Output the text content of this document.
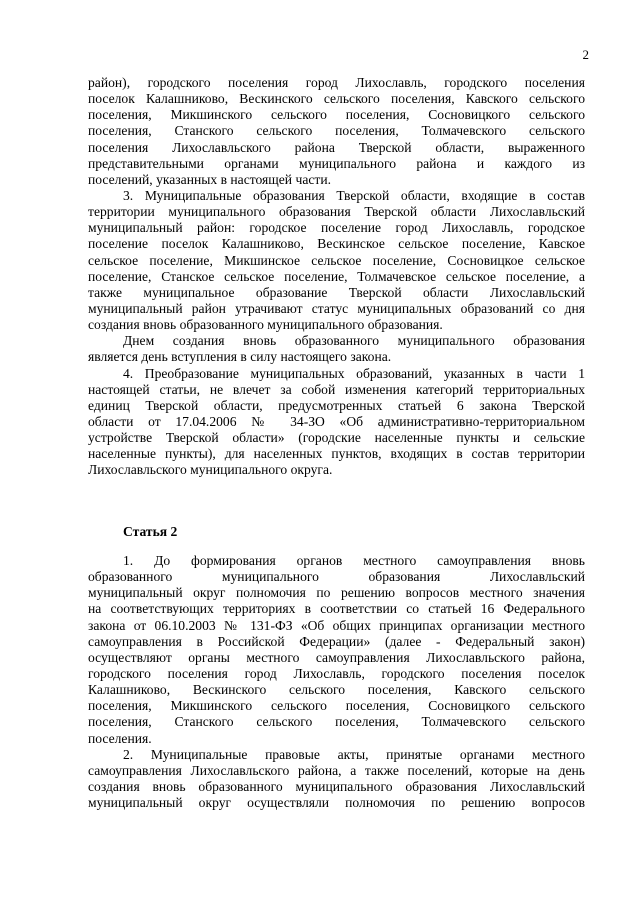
2
район), городского поселения город Лихославль, городского поселения
поселок Калашниково, Вескинского сельского поселения, Кавского сельского
поселения, Микшинского сельского поселения, Сосновицкого сельского
поселения, Станского сельского поселения, Толмачевского сельского
поселения Лихославльского района Тверской области, выраженного
представительными органами муниципального района и каждого из
поселений, указанных в настоящей части.
3. Муниципальные образования Тверской области, входящие в состав
территории муниципального образования Тверской области Лихославльский
муниципальный район: городское поселение город Лихославль, городское
поселение поселок Калашниково, Вескинское сельское поселение, Кавское
сельское поселение, Микшинское сельское поселение, Сосновицкое сельское
поселение, Станское сельское поселение, Толмачевское сельское поселение, а
также муниципальное образование Тверской области Лихославльский
муниципальный район утрачивают статус муниципальных образований со дня
создания вновь образованного муниципального образования.
Днем создания вновь образованного муниципального образования
является день вступления в силу настоящего закона.
4. Преобразование муниципальных образований, указанных в части 1
настоящей статьи, не влечет за собой изменения категорий территориальных
единиц Тверской области, предусмотренных статьей 6 закона Тверской
области от 17.04.2006 № 34-ЗО «Об административно-территориальном
устройстве Тверской области» (городские населенные пункты и сельские
населенные пункты), для населенных пунктов, входящих в состав территории
Лихославльского муниципального округа.
Статья 2
1. До формирования органов местного самоуправления вновь
образованного муниципального образования Лихославльский
муниципальный округ полномочия по решению вопросов местного значения
на соответствующих территориях в соответствии со статьей 16 Федерального
закона от 06.10.2003 № 131-ФЗ «Об общих принципах организации местного
самоуправления в Российской Федерации» (далее - Федеральный закон)
осуществляют органы местного самоуправления Лихославльского района,
городского поселения город Лихославль, городского поселения поселок
Калашниково, Вескинского сельского поселения, Кавского сельского
поселения, Микшинского сельского поселения, Сосновицкого сельского
поселения, Станского сельского поселения, Толмачевского сельского
поселения.
2. Муниципальные правовые акты, принятые органами местного
самоуправления Лихославльского района, а также поселений, которые на день
создания вновь образованного муниципального образования Лихославльский
муниципальный округ осуществляли полномочия по решению вопросов
